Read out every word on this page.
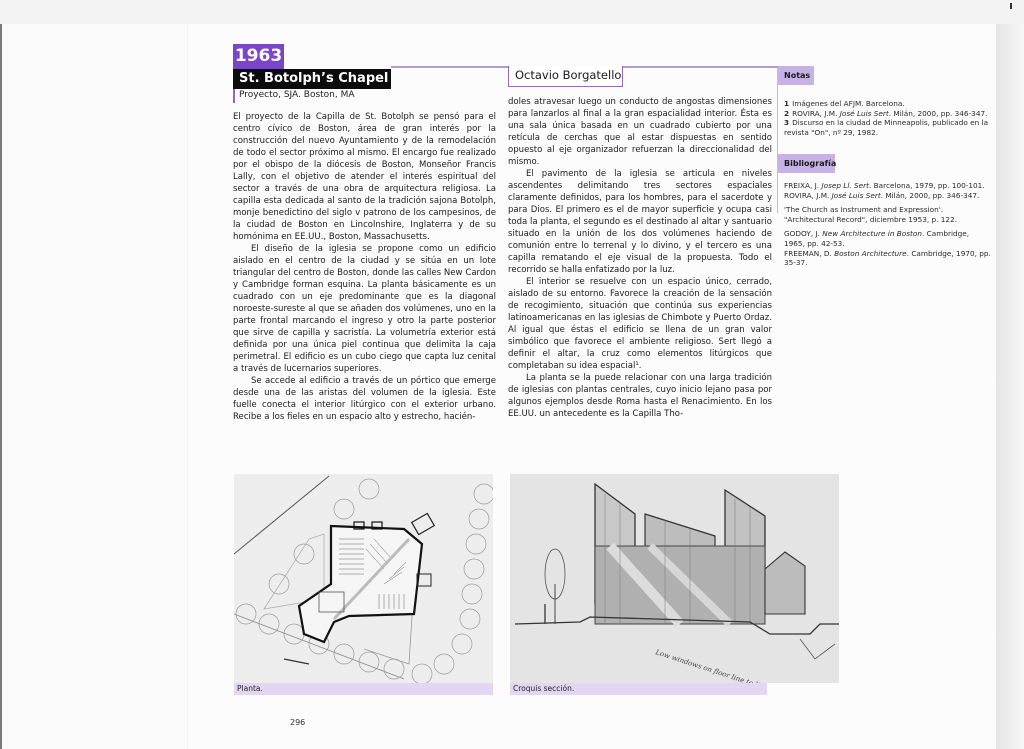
1963
St. Botolph’s Chapel
Proyecto, SJA. Boston, MA
Octavio Borgatello

El proyecto de la Capilla de St. Botolph se pensó para el centro cívico de Boston, área de gran interés por la construcción del nuevo Ayuntamiento y de la remodelación de todo el sector próximo al mismo. El encargo fue realizado por el obispo de la diócesis de Boston, Monseñor Francis Lally, con el objetivo de atender el interés espiritual del sector a través de una obra de arquitectura religiosa. La capilla esta dedicada al santo de la tradición sajona Botolph, monje benedictino del siglo v patrono de los campesinos, de la ciudad de Boston en Lincolnshire, Inglaterra y de su homónima en EE.UU., Boston, Massachusetts.

El diseño de la iglesia se propone como un edificio aislado en el centro de la ciudad y se sitúa en un lote triangular del centro de Boston, donde las calles New Cardon y Cambridge forman esquina. La planta básicamente es un cuadrado con un eje predominante que es la diagonal noroeste-sureste al que se añaden dos volúmenes, uno en la parte frontal marcando el ingreso y otro la parte posterior que sirve de capilla y sacristía. La volumetría exterior está definida por una única piel continua que delimita la caja perimetral. El edificio es un cubo ciego que capta luz cenital a través de lucernarios superiores.

Se accede al edificio a través de un pórtico que emerge desde una de las aristas del volumen de la iglesia. Este fuelle conecta el interior litúrgico con el exterior urbano. Recibe a los fieles en un espacio alto y estrecho, hacién-

doles atravesar luego un conducto de angostas dimensiones para lanzarlos al final a la gran espacialidad interior. Ésta es una sala única basada en un cuadrado cubierto por una retícula de cerchas que al estar dispuestas en sentido opuesto al eje organizador refuerzan la direccionalidad del mismo.

El pavimento de la iglesia se articula en niveles ascendentes delimitando tres sectores espaciales claramente definidos, para los hombres, para el sacerdote y para Dios. El primero es el de mayor superficie y ocupa casi toda la planta, el segundo es el destinado al altar y santuario situado en la unión de los dos volúmenes haciendo de comunión entre lo terrenal y lo divino, y el tercero es una capilla rematando el eje visual de la propuesta. Todo el recorrido se halla enfatizado por la luz.

El interior se resuelve con un espacio único, cerrado, aislado de su entorno. Favorece la creación de la sensación de recogimiento, situación que continúa sus experiencias latinoamericanas en las iglesias de Chimbote y Puerto Ordaz. Al igual que éstas el edificio se llena de un gran valor simbólico que favorece el ambiente religioso. Sert llegó a definir el altar, la cruz como elementos litúrgicos que completaban su idea espacial¹.

La planta se la puede relacionar con una larga tradición de iglesias con plantas centrales, cuyo inicio lejano pasa por algunos ejemplos desde Roma hasta el Renacimiento. En los EE.UU. un antecedente es la Capilla Tho-

Notas

1 Imágenes del AFJM. Barcelona.

2 ROVIRA, J.M. José Luis Sert. Milán, 2000, pp. 346-347.

3 Discurso en la ciudad de Minneapolis, publicado en la revista "On", nº 29, 1982.

Bibliografía

FREIXA, J. Josep Ll. Sert. Barcelona, 1979, pp. 100-101.

ROVIRA, J.M. José Luis Sert. Milán, 2000, pp. 346-347.

'The Church as Instrument and Expression'. "Architectural Record", diciembre 1953, p. 122.

GODOY, J. New Architecture in Boston. Cambridge, 1965, pp. 42-53.

FREEMAN, D. Boston Architecture. Cambridge, 1970, pp. 35-37.

Planta.	Croquis sección.
296
